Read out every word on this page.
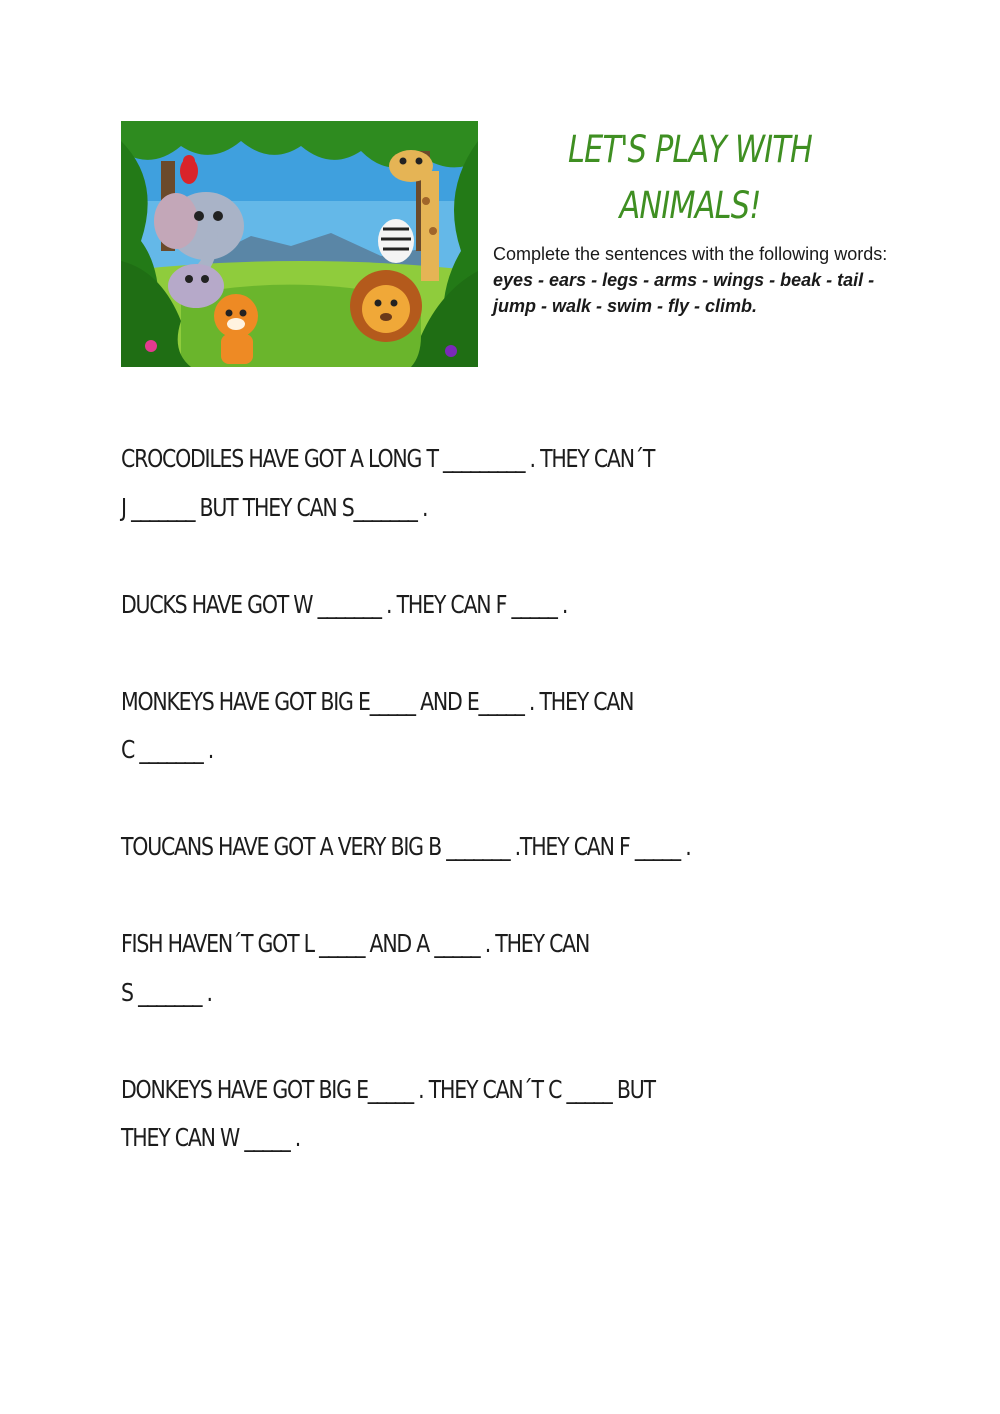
LET'S PLAY WITH
ANIMALS!
Complete the sentences with the following words: eyes - ears - legs - arms - wings - beak - tail - jump - walk - swim - fly - climb.
CROCODILES HAVE GOT A LONG T _________ . THEY CAN´T
J _______ BUT THEY CAN S_______ .
DUCKS HAVE GOT W _______ . THEY CAN F _____ .
MONKEYS HAVE GOT BIG E_____ AND E_____ . THEY CAN
C _______ .
TOUCANS HAVE GOT A VERY BIG B _______ .THEY CAN F _____ .
FISH HAVEN´T GOT L _____ AND A _____ . THEY CAN
S _______ .
DONKEYS HAVE GOT BIG E_____ . THEY CAN´T C _____ BUT
THEY CAN W _____ .
